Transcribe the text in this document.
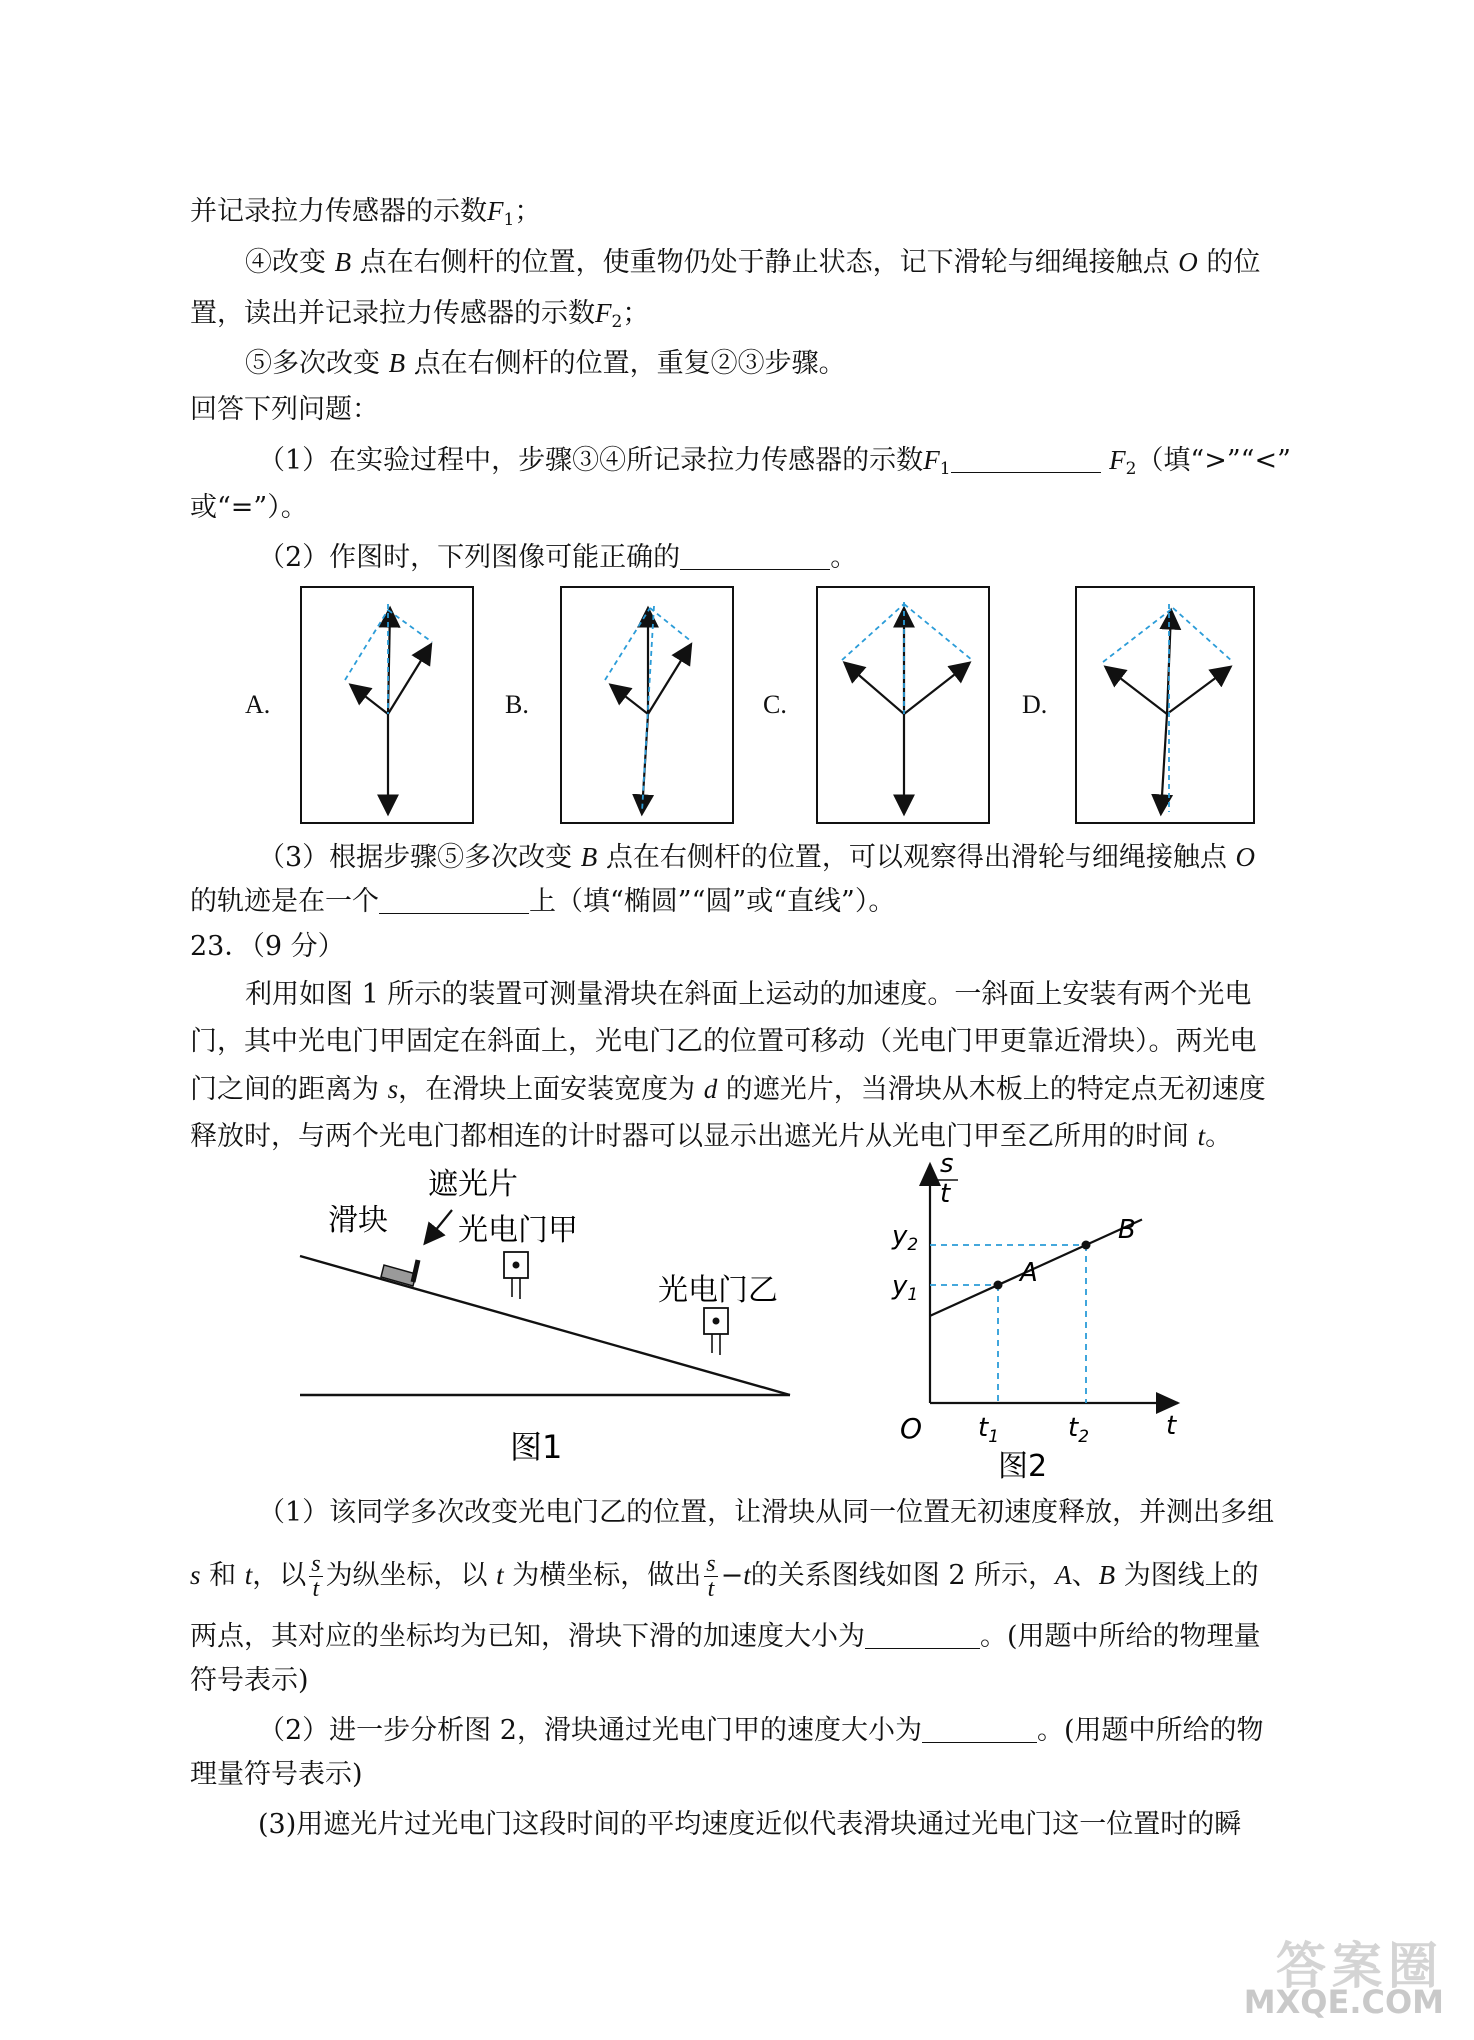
并记录拉力传感器的示数$F_1$；
④改变 B 点在右侧杆的位置，使重物仍处于静止状态，记下滑轮与细绳接触点 O 的位
置，读出并记录拉力传感器的示数$F_2$；
⑤多次改变 B 点在右侧杆的位置，重复②③步骤。
回答下列问题：
（1）在实验过程中，步骤③④所记录拉力传感器的示数$F_1$	$F_2$（填“>”“<”
或“=”）。
（2）作图时，下列图像可能正确的	。
A.	B.	C.	D.
（3）根据步骤⑤多次改变 B 点在右侧杆的位置，可以观察得出滑轮与细绳接触点 O
的轨迹是在一个	上（填“椭圆”“圆”或“直线”）。
23．（9 分）
利用如图 1 所示的装置可测量滑块在斜面上运动的加速度。一斜面上安装有两个光电
门，其中光电门甲固定在斜面上，光电门乙的位置可移动（光电门甲更靠近滑块）。两光电
门之间的距离为 s，在滑块上面安装宽度为 d 的遮光片，当滑块从木板上的特定点无初速度
释放时，与两个光电门都相连的计时器可以显示出遮光片从光电门甲至乙所用的时间 t。
滑块
遮光片
光电门甲
光电门乙
图1
s
t
$y_2$
$y_1$
$t_1$	$t_2$	t
O
A
B
图2
（1）该同学多次改变光电门乙的位置，让滑块从同一位置无初速度释放，并测出多组
s 和 t，以 $\frac{s}{t}$ 为纵坐标，以 t 为横坐标，做出 $\frac{s}{t} -t$的关系图线如图 2 所示，A、B 为图线上的
两点，其对应的坐标均为已知，滑块下滑的加速度大小为	。(用题中所给的物理量
符号表示)
（2）进一步分析图 2，滑块通过光电门甲的速度大小为	。(用题中所给的物
理量符号表示)
(3)用遮光片过光电门这段时间的平均速度近似代表滑块通过光电门这一位置时的瞬
答案圈
MXQE.COM
